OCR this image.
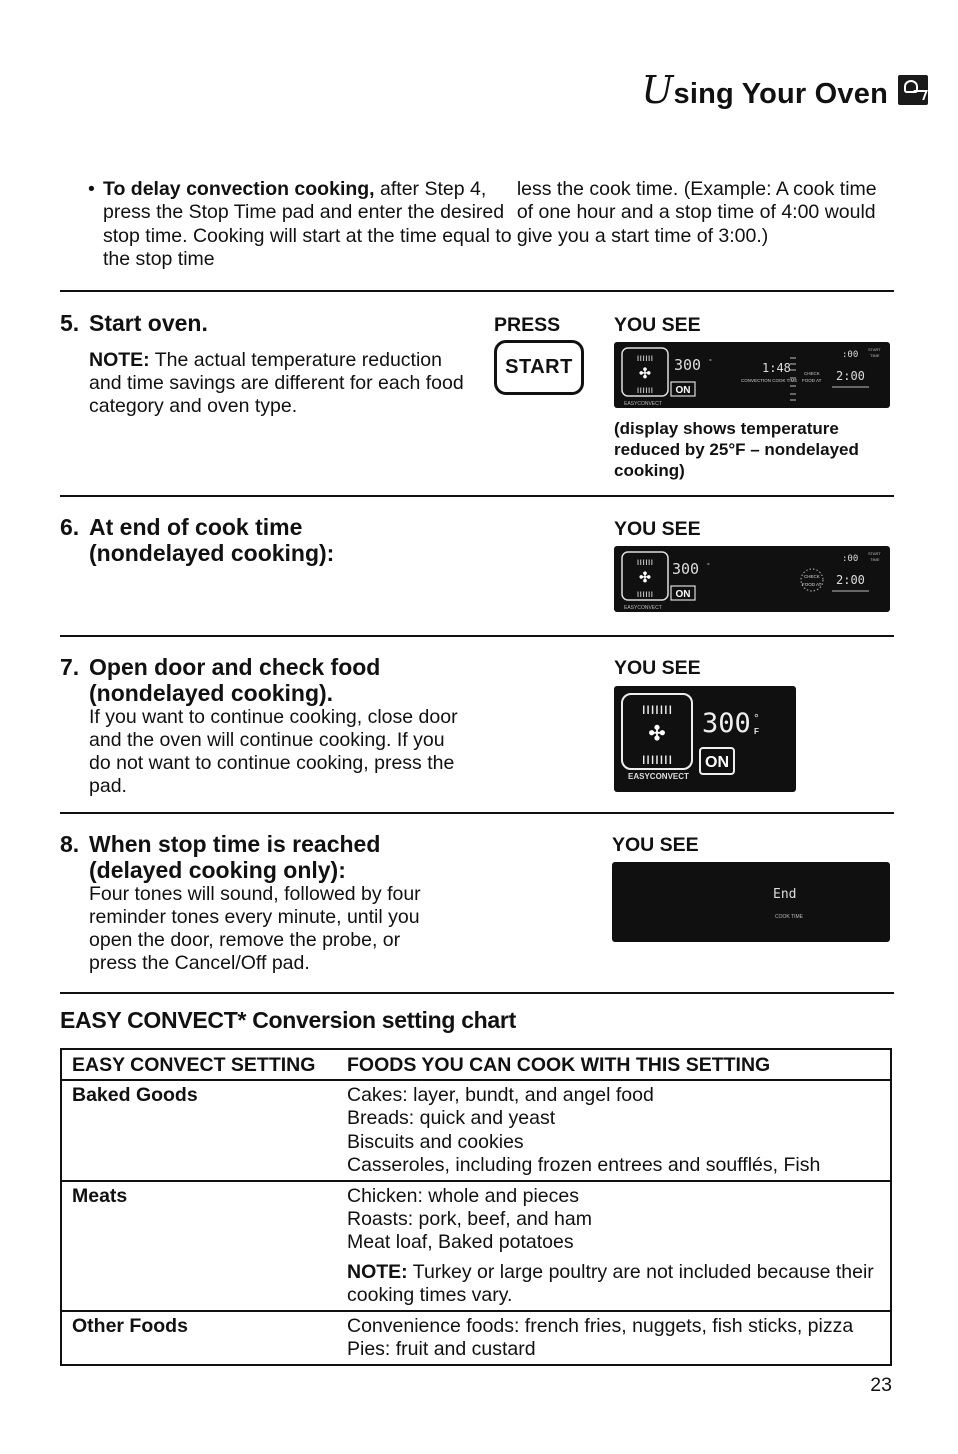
Using Your Oven
• To delay convection cooking, after Step 4, press the Stop Time pad and enter the desired stop time. Cooking will start at the time equal to the stop time
less the cook time. (Example: A cook time of one hour and a stop time of 4:00 would give you a start time of 3:00.)
5. Start oven.
NOTE: The actual temperature reduction and time savings are different for each food category and oven type.
PRESS	YOU SEE
START	ıııııı
✣
ıııııı
300 °
ON
EASYCONVECT
1:48
CONVECTION COOK TIME
CHECK
FOOD AT 2:00
:00
START
TIME
(display shows temperature reduced by 25°F – nondelayed cooking)
6. At end of cook time
(nondelayed cooking):
YOU SEE
ıııııı
✣
ıııııı
300 °
ON
EASYCONVECT
CHECK
FOOD AT 2:00
:00
START
TIME
7. Open door and check food
(nondelayed cooking).
If you want to continue cooking, close door and the oven will continue cooking. If you do not want to continue cooking, press the pad.
YOU SEE
ııııııı
✣
ııııııı
300 °
F
ON
EASYCONVECT
8. When stop time is reached
(delayed cooking only):
Four tones will sound, followed by four reminder tones every minute, until you open the door, remove the probe, or press the Cancel/Off pad.
YOU SEE
End
COOK TIME
EASY CONVECT* Conversion setting chart
EASY CONVECT SETTING	FOODS YOU CAN COOK WITH THIS SETTING
Baked Goods	Cakes: layer, bundt, and angel food
Breads: quick and yeast
Biscuits and cookies
Casseroles, including frozen entrees and soufflés, Fish

Meats	Chicken: whole and pieces
Roasts: pork, beef, and ham
Meat loaf, Baked potatoes
NOTE: Turkey or large poultry are not included because their cooking times vary.

Other Foods	Convenience foods: french fries, nuggets, fish sticks, pizza
Pies: fruit and custard
23
